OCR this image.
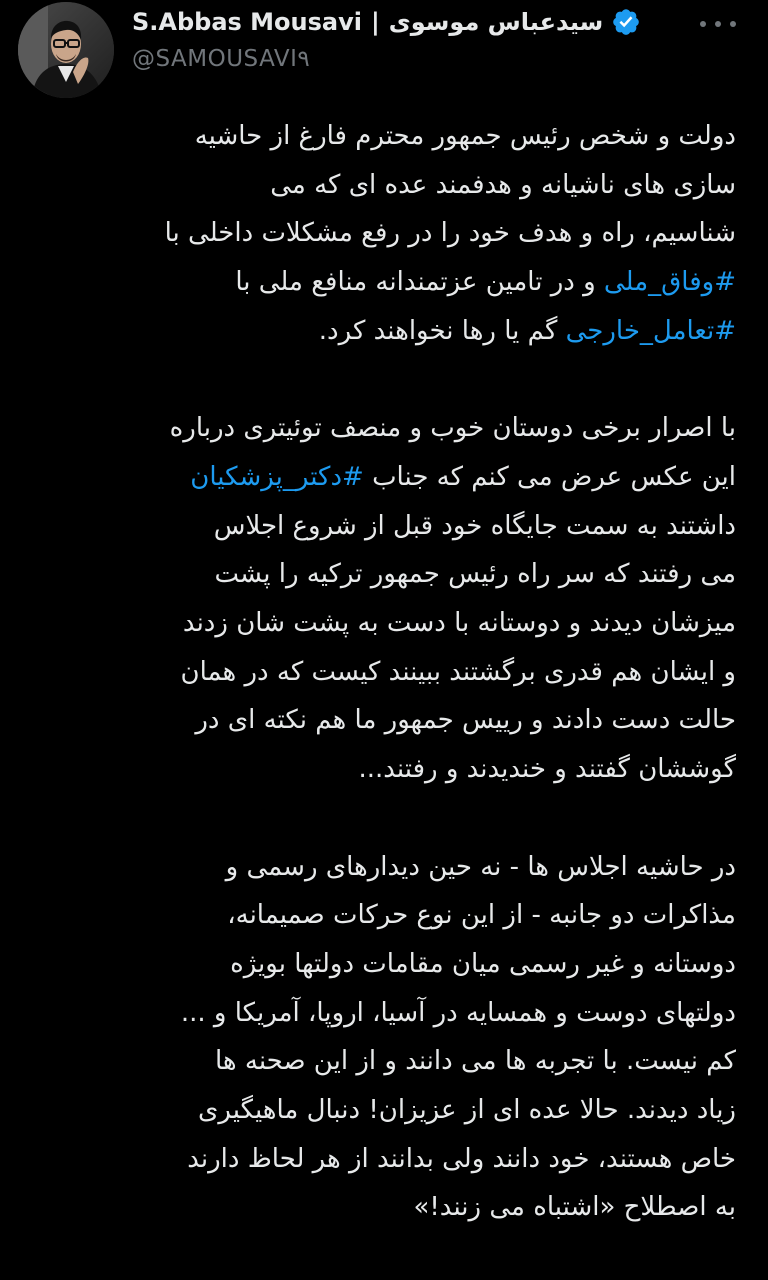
S.Abbas Mousavi | سیدعباس موسوی
@SAMOUSAVI۹

دولت و شخص رئیس جمهور محترم فارغ از حاشیه

سازی های ناشیانه و هدفمند عده ای که می

شناسیم، راه و هدف خود را در رفع مشکلات داخلی با

#وفاق_ملی و در تامین عزتمندانه منافع ملی با

#تعامل_خارجی گم یا رها نخواهند کرد.

با اصرار برخی دوستان خوب و منصف توئیتری درباره

این عکس عرض می کنم که جناب #دکتر_پزشکیان

داشتند به سمت جایگاه خود قبل از شروع اجلاس

می رفتند که سر راه رئیس جمهور ترکیه را پشت

میزشان دیدند و دوستانه با دست به پشت شان زدند

و ایشان هم قدری برگشتند ببینند کیست که در همان

حالت دست دادند و رییس جمهور ما هم نکته ای در

گوششان گفتند و خندیدند و رفتند...

در حاشیه اجلاس ها - نه حین دیدارهای رسمی و

مذاکرات دو جانبه - از این نوع حرکات صمیمانه،

دوستانه و غیر رسمی میان مقامات دولتها بویژه

دولتهای دوست و همسایه در آسیا، اروپا، آمریکا و ...

کم نیست. با تجربه ها می دانند و از این صحنه ها

زیاد دیدند. حالا عده ای از عزیزان! دنبال ماهیگیری

خاص هستند، خود دانند ولی بدانند از هر لحاظ دارند

به اصطلاح «اشتباه می زنند!»
